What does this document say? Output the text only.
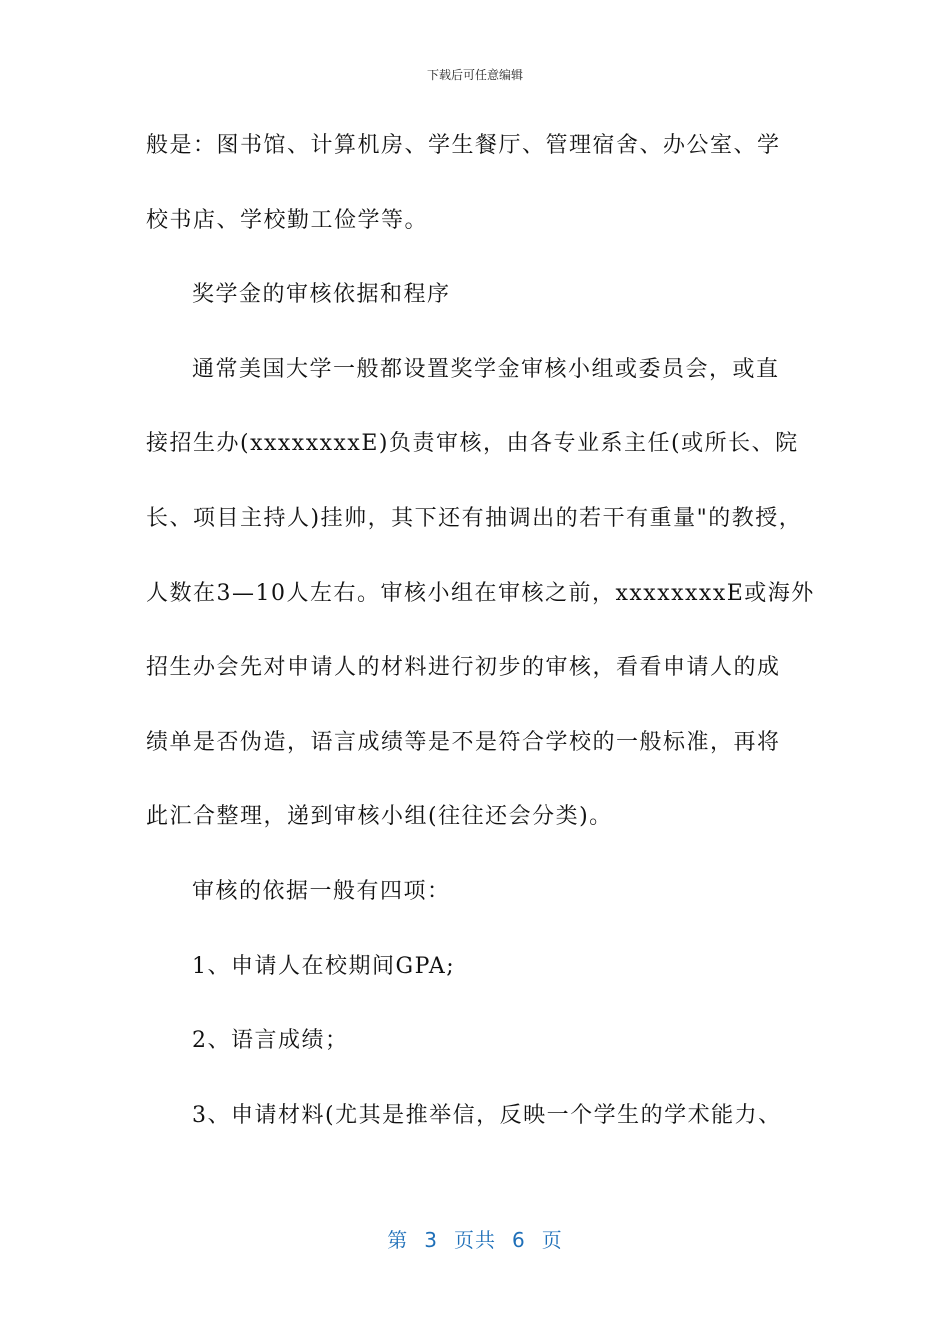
下载后可任意编辑
般是：图书馆、计算机房、学生餐厅、管理宿舍、办公室、学
校书店、学校勤工俭学等。
奖学金的审核依据和程序
通常美国大学一般都设置奖学金审核小组或委员会，或直
接招生办(xxxxxxxxE)负责审核，由各专业系主任(或所长、院
长、项目主持人)挂帅，其下还有抽调出的若干有重量"的教授，
人数在3—10人左右。审核小组在审核之前，xxxxxxxxE或海外
招生办会先对申请人的材料进行初步的审核，看看申请人的成
绩单是否伪造，语言成绩等是不是符合学校的一般标准，再将
此汇合整理，递到审核小组(往往还会分类)。
审核的依据一般有四项：
1、申请人在校期间GPA;
2、语言成绩；
3、申请材料(尤其是推举信，反映一个学生的学术能力、
第 3 页共 6 页
